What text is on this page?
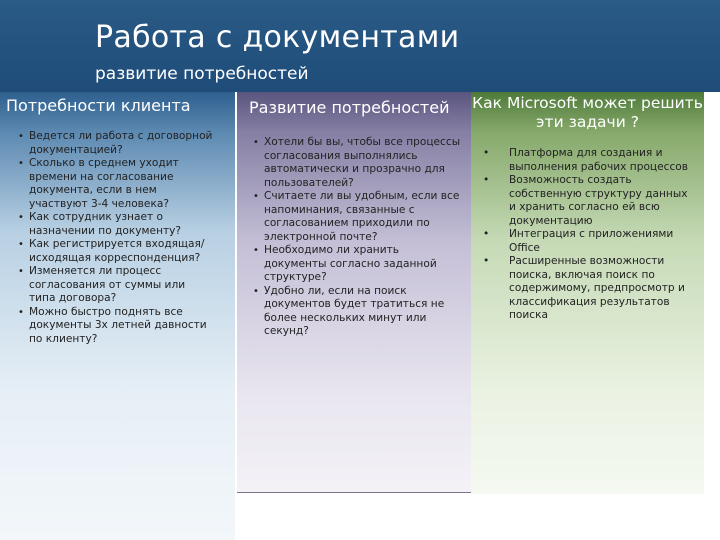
Работа с документами
развитие потребностей
Потребности клиента
• Ведется ли работа с договорной документацией?
• Сколько в среднем уходит времени на согласование документа, если в нем участвуют 3-4 человека?
• Как сотрудник узнает о назначении по документу?
• Как регистрируется входящая/исходящая корреспонденция?
• Изменяется ли процесс согласования от суммы или типа договора?
• Можно быстро поднять все документы 3х летней давности по клиенту?
Развитие потребностей
• Хотели бы вы, чтобы все процессы согласования выполнялись автоматически и прозрачно для пользователей?
• Считаете ли вы удобным, если все напоминания, связанные с согласованием приходили по электронной почте?
• Необходимо ли хранить документы согласно заданной структуре?
• Удобно ли, если на поиск документов будет тратиться не более нескольких минут или секунд?
Как Microsoft может решить эти задачи ?
• Платформа для создания и выполнения рабочих процессов
• Возможность создать собственную структуру данных и хранить согласно ей всю документацию
• Интеграция с приложениями Office
• Расширенные возможности поиска, включая поиск по содержимому, предпросмотр и классификация результатов поиска
